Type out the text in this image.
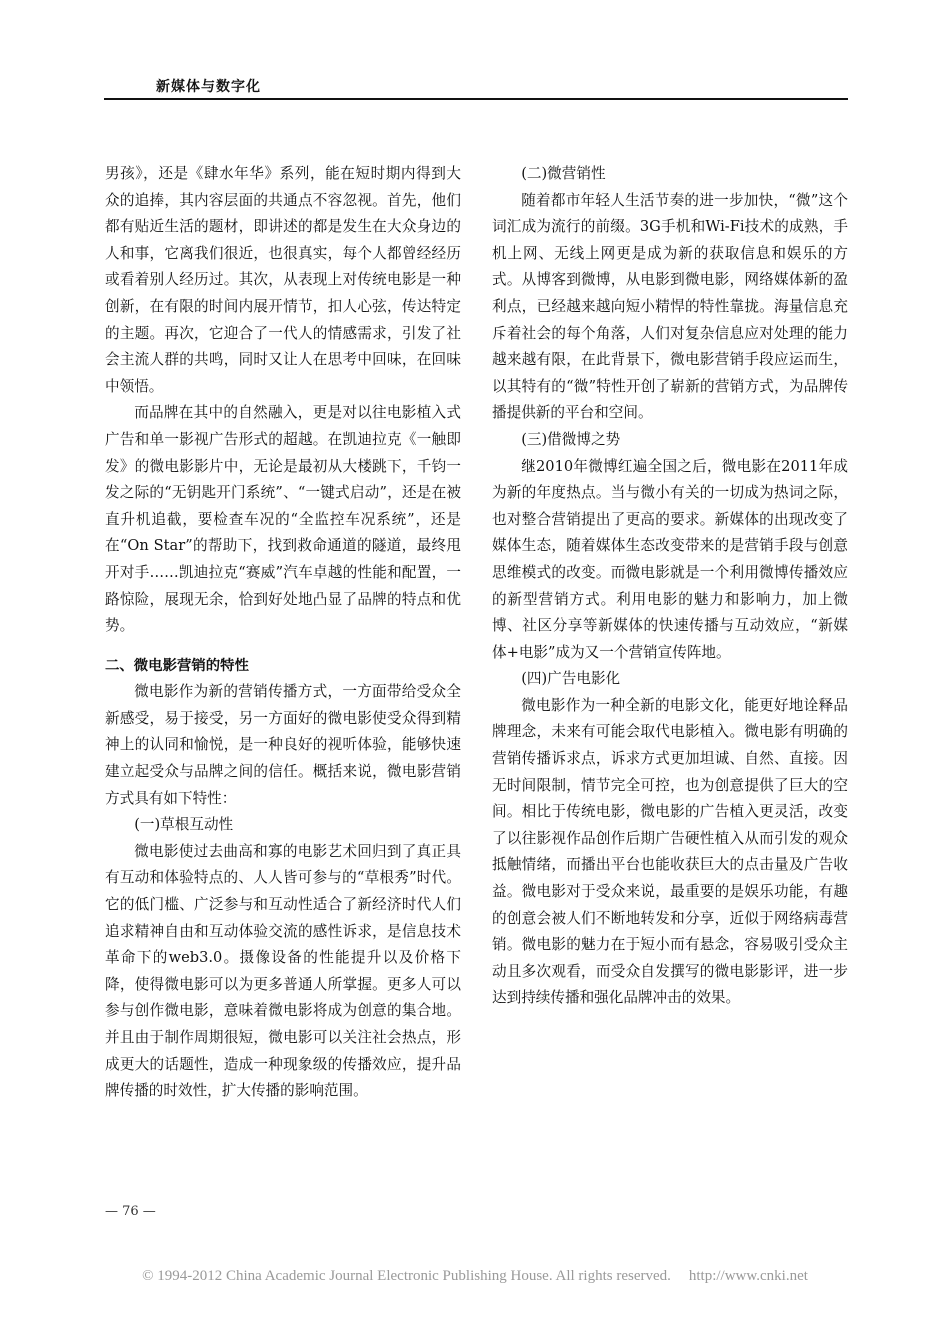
新媒体与数字化

男孩》，还是《肆水年华》系列，能在短时期内得到大众的追捧，其内容层面的共通点不容忽视。首先，他们都有贴近生活的题材，即讲述的都是发生在大众身边的人和事，它离我们很近，也很真实，每个人都曾经经历或看着别人经历过。其次，从表现上对传统电影是一种创新，在有限的时间内展开情节，扣人心弦，传达特定的主题。再次，它迎合了一代人的情感需求，引发了社会主流人群的共鸣，同时又让人在思考中回味，在回味中领悟。

而品牌在其中的自然融入，更是对以往电影植入式广告和单一影视广告形式的超越。在凯迪拉克《一触即发》的微电影影片中，无论是最初从大楼跳下，千钧一发之际的“无钥匙开门系统”、“一键式启动”，还是在被直升机追截，要检查车况的“全监控车况系统”，还是在“On Star”的帮助下，找到救命通道的隧道，最终甩开对手……凯迪拉克“赛威”汽车卓越的性能和配置，一路惊险，展现无余，恰到好处地凸显了品牌的特点和优势。

二、微电影营销的特性

微电影作为新的营销传播方式，一方面带给受众全新感受，易于接受，另一方面好的微电影使受众得到精神上的认同和愉悦，是一种良好的视听体验，能够快速建立起受众与品牌之间的信任。概括来说，微电影营销方式具有如下特性：

(一)草根互动性

微电影使过去曲高和寡的电影艺术回归到了真正具有互动和体验特点的、人人皆可参与的“草根秀”时代。它的低门槛、广泛参与和互动性适合了新经济时代人们追求精神自由和互动体验交流的感性诉求，是信息技术革命下的web3.0。摄像设备的性能提升以及价格下降，使得微电影可以为更多普通人所掌握。更多人可以参与创作微电影，意味着微电影将成为创意的集合地。并且由于制作周期很短，微电影可以关注社会热点，形成更大的话题性，造成一种现象级的传播效应，提升品牌传播的时效性，扩大传播的影响范围。

(二)微营销性

随着都市年轻人生活节奏的进一步加快，“微”这个词汇成为流行的前缀。3G手机和Wi-Fi技术的成熟，手机上网、无线上网更是成为新的获取信息和娱乐的方式。从博客到微博，从电影到微电影，网络媒体新的盈利点，已经越来越向短小精悍的特性靠拢。海量信息充斥着社会的每个角落，人们对复杂信息应对处理的能力越来越有限，在此背景下，微电影营销手段应运而生，以其特有的“微”特性开创了崭新的营销方式，为品牌传播提供新的平台和空间。

(三)借微博之势

继2010年微博红遍全国之后，微电影在2011年成为新的年度热点。当与微小有关的一切成为热词之际，也对整合营销提出了更高的要求。新媒体的出现改变了媒体生态，随着媒体生态改变带来的是营销手段与创意思维模式的改变。而微电影就是一个利用微博传播效应的新型营销方式。利用电影的魅力和影响力，加上微博、社区分享等新媒体的快速传播与互动效应，“新媒体+电影”成为又一个营销宣传阵地。

(四)广告电影化

微电影作为一种全新的电影文化，能更好地诠释品牌理念，未来有可能会取代电影植入。微电影有明确的营销传播诉求点，诉求方式更加坦诚、自然、直接。因无时间限制，情节完全可控，也为创意提供了巨大的空间。相比于传统电影，微电影的广告植入更灵活，改变了以往影视作品创作后期广告硬性植入从而引发的观众抵触情绪，而播出平台也能收获巨大的点击量及广告收益。微电影对于受众来说，最重要的是娱乐功能，有趣的创意会被人们不断地转发和分享，近似于网络病毒营销。微电影的魅力在于短小而有悬念，容易吸引受众主动且多次观看，而受众自发撰写的微电影影评，进一步达到持续传播和强化品牌冲击的效果。

— 76 —
© 1994-2012 China Academic Journal Electronic Publishing House. All rights reserved. http://www.cnki.net
